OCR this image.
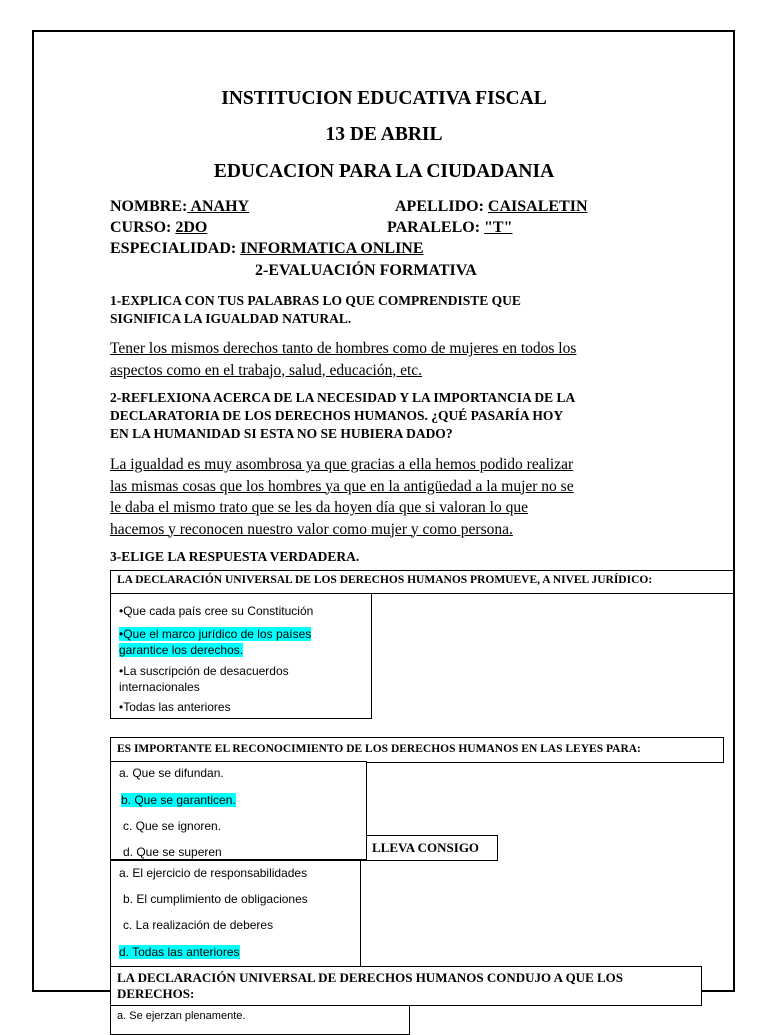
INSTITUCION EDUCATIVA FISCAL
13 DE ABRIL
EDUCACION PARA LA CIUDADANIA
NOMBRE: ANAHY	APELLIDO: CAISALETIN
CURSO: 2DO	PARALELO: "T"
ESPECIALIDAD: INFORMATICA ONLINE
2-EVALUACIÓN FORMATIVA
1-EXPLICA CON TUS PALABRAS LO QUE COMPRENDISTE QUE
SIGNIFICA LA IGUALDAD NATURAL.
Tener los mismos derechos tanto de hombres como de mujeres en todos los
aspectos como en el trabajo, salud, educación, etc.
2-REFLEXIONA ACERCA DE LA NECESIDAD Y LA IMPORTANCIA DE LA
DECLARATORIA DE LOS DERECHOS HUMANOS. ¿QUÉ PASARÍA HOY
EN LA HUMANIDAD SI ESTA NO SE HUBIERA DADO?
La igualdad es muy asombrosa ya que gracias a ella hemos podido realizar
las mismas cosas que los hombres ya que en la antigüedad a la mujer no se
le daba el mismo trato que se les da hoyen día que si valoran lo que
hacemos y reconocen nuestro valor como mujer y como persona.
3-ELIGE LA RESPUESTA VERDADERA.
LA DECLARACIÓN UNIVERSAL DE LOS DERECHOS HUMANOS PROMUEVE, A NIVEL JURÍDICO:
•Que cada país cree su Constitución
•Que el marco jurídico de los países
garantice los derechos.
•La suscripción de desacuerdos
internacionales
•Todas las anteriores
ES IMPORTANTE EL RECONOCIMIENTO DE LOS DERECHOS HUMANOS EN LAS LEYES PARA:
LLEVA CONSIGO
a. El ejercicio de responsabilidades
b. El cumplimiento de obligaciones
c. La realización de deberes
d. Todas las anteriores
a. Que se difundan.
b. Que se garanticen.
c. Que se ignoren.
d. Que se superen
LA DECLARACIÓN UNIVERSAL DE DERECHOS HUMANOS CONDUJO A QUE LOS
DERECHOS:
a. Se ejerzan plenamente.
